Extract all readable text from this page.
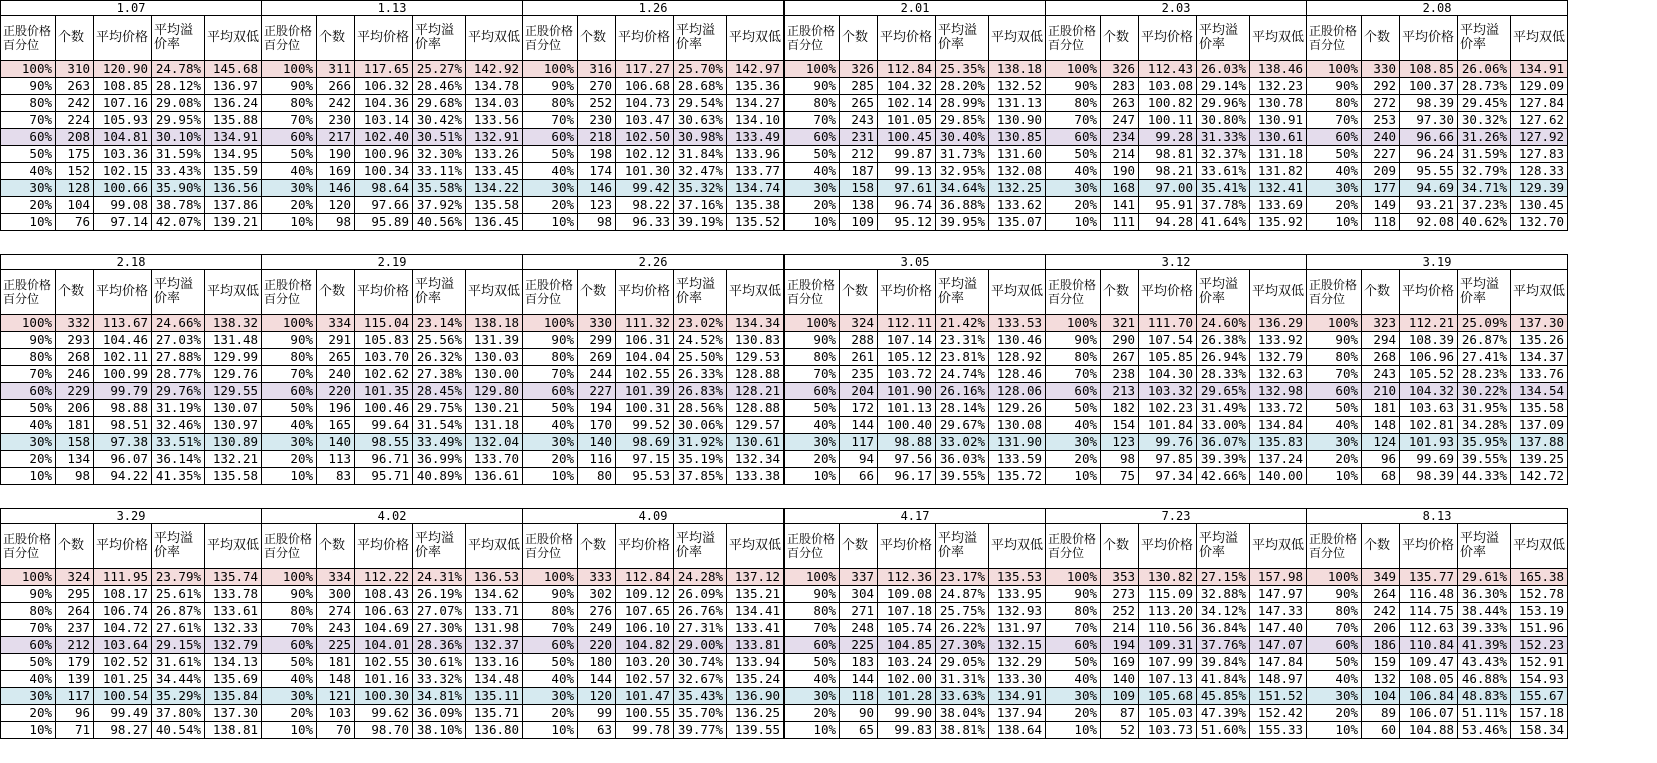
1.07				
正股价格百分位	个数	平均价格	平均溢价率	平均双低
100%	310	120.90	24.78%	145.68
90%	263	108.85	28.12%	136.97
80%	242	107.16	29.08%	136.24
70%	224	105.93	29.95%	135.88
60%	208	104.81	30.10%	134.91
50%	175	103.36	31.59%	134.95
40%	152	102.15	33.43%	135.59
30%	128	100.66	35.90%	136.56
20%	104	99.08	38.78%	137.86
10%	76	97.14	42.07%	139.21
1.13				
正股价格百分位	个数	平均价格	平均溢价率	平均双低
100%	311	117.65	25.27%	142.92
90%	266	106.32	28.46%	134.78
80%	242	104.36	29.68%	134.03
70%	230	103.14	30.42%	133.56
60%	217	102.40	30.51%	132.91
50%	190	100.96	32.30%	133.26
40%	169	100.34	33.11%	133.45
30%	146	98.64	35.58%	134.22
20%	120	97.66	37.92%	135.58
10%	98	95.89	40.56%	136.45
1.26				
正股价格百分位	个数	平均价格	平均溢价率	平均双低
100%	316	117.27	25.70%	142.97
90%	270	106.68	28.68%	135.36
80%	252	104.73	29.54%	134.27
70%	230	103.47	30.63%	134.10
60%	218	102.50	30.98%	133.49
50%	198	102.12	31.84%	133.96
40%	174	101.30	32.47%	133.77
30%	146	99.42	35.32%	134.74
20%	123	98.22	37.16%	135.38
10%	98	96.33	39.19%	135.52
2.01				
正股价格百分位	个数	平均价格	平均溢价率	平均双低
100%	326	112.84	25.35%	138.18
90%	285	104.32	28.20%	132.52
80%	265	102.14	28.99%	131.13
70%	243	101.05	29.85%	130.90
60%	231	100.45	30.40%	130.85
50%	212	99.87	31.73%	131.60
40%	187	99.13	32.95%	132.08
30%	158	97.61	34.64%	132.25
20%	138	96.74	36.88%	133.62
10%	109	95.12	39.95%	135.07
2.03				
正股价格百分位	个数	平均价格	平均溢价率	平均双低
100%	326	112.43	26.03%	138.46
90%	283	103.08	29.14%	132.23
80%	263	100.82	29.96%	130.78
70%	247	100.11	30.80%	130.91
60%	234	99.28	31.33%	130.61
50%	214	98.81	32.37%	131.18
40%	190	98.21	33.61%	131.82
30%	168	97.00	35.41%	132.41
20%	141	95.91	37.78%	133.69
10%	111	94.28	41.64%	135.92
2.08				
正股价格百分位	个数	平均价格	平均溢价率	平均双低
100%	330	108.85	26.06%	134.91
90%	292	100.37	28.73%	129.09
80%	272	98.39	29.45%	127.84
70%	253	97.30	30.32%	127.62
60%	240	96.66	31.26%	127.92
50%	227	96.24	31.59%	127.83
40%	209	95.55	32.79%	128.33
30%	177	94.69	34.71%	129.39
20%	149	93.21	37.23%	130.45
10%	118	92.08	40.62%	132.70
2.18				
正股价格百分位	个数	平均价格	平均溢价率	平均双低
100%	332	113.67	24.66%	138.32
90%	293	104.46	27.03%	131.48
80%	268	102.11	27.88%	129.99
70%	246	100.99	28.77%	129.76
60%	229	99.79	29.76%	129.55
50%	206	98.88	31.19%	130.07
40%	181	98.51	32.46%	130.97
30%	158	97.38	33.51%	130.89
20%	134	96.07	36.14%	132.21
10%	98	94.22	41.35%	135.58
2.19				
正股价格百分位	个数	平均价格	平均溢价率	平均双低
100%	334	115.04	23.14%	138.18
90%	291	105.83	25.56%	131.39
80%	265	103.70	26.32%	130.03
70%	240	102.62	27.38%	130.00
60%	220	101.35	28.45%	129.80
50%	196	100.46	29.75%	130.21
40%	165	99.64	31.54%	131.18
30%	140	98.55	33.49%	132.04
20%	113	96.71	36.99%	133.70
10%	83	95.71	40.89%	136.61
2.26				
正股价格百分位	个数	平均价格	平均溢价率	平均双低
100%	330	111.32	23.02%	134.34
90%	299	106.31	24.52%	130.83
80%	269	104.04	25.50%	129.53
70%	244	102.55	26.33%	128.88
60%	227	101.39	26.83%	128.21
50%	194	100.31	28.56%	128.88
40%	170	99.52	30.06%	129.57
30%	140	98.69	31.92%	130.61
20%	116	97.15	35.19%	132.34
10%	80	95.53	37.85%	133.38
3.05				
正股价格百分位	个数	平均价格	平均溢价率	平均双低
100%	324	112.11	21.42%	133.53
90%	288	107.14	23.31%	130.46
80%	261	105.12	23.81%	128.92
70%	235	103.72	24.74%	128.46
60%	204	101.90	26.16%	128.06
50%	172	101.13	28.14%	129.26
40%	144	100.40	29.67%	130.08
30%	117	98.88	33.02%	131.90
20%	94	97.56	36.03%	133.59
10%	66	96.17	39.55%	135.72
3.12				
正股价格百分位	个数	平均价格	平均溢价率	平均双低
100%	321	111.70	24.60%	136.29
90%	290	107.54	26.38%	133.92
80%	267	105.85	26.94%	132.79
70%	238	104.30	28.33%	132.63
60%	213	103.32	29.65%	132.98
50%	182	102.23	31.49%	133.72
40%	154	101.84	33.00%	134.84
30%	123	99.76	36.07%	135.83
20%	98	97.85	39.39%	137.24
10%	75	97.34	42.66%	140.00
3.19				
正股价格百分位	个数	平均价格	平均溢价率	平均双低
100%	323	112.21	25.09%	137.30
90%	294	108.39	26.87%	135.26
80%	268	106.96	27.41%	134.37
70%	243	105.52	28.23%	133.76
60%	210	104.32	30.22%	134.54
50%	181	103.63	31.95%	135.58
40%	148	102.81	34.28%	137.09
30%	124	101.93	35.95%	137.88
20%	96	99.69	39.55%	139.25
10%	68	98.39	44.33%	142.72
3.29				
正股价格百分位	个数	平均价格	平均溢价率	平均双低
100%	324	111.95	23.79%	135.74
90%	295	108.17	25.61%	133.78
80%	264	106.74	26.87%	133.61
70%	237	104.72	27.61%	132.33
60%	212	103.64	29.15%	132.79
50%	179	102.52	31.61%	134.13
40%	139	101.25	34.44%	135.69
30%	117	100.54	35.29%	135.84
20%	96	99.49	37.80%	137.30
10%	71	98.27	40.54%	138.81
4.02				
正股价格百分位	个数	平均价格	平均溢价率	平均双低
100%	334	112.22	24.31%	136.53
90%	300	108.43	26.19%	134.62
80%	274	106.63	27.07%	133.71
70%	243	104.69	27.30%	131.98
60%	225	104.01	28.36%	132.37
50%	181	102.55	30.61%	133.16
40%	148	101.16	33.32%	134.48
30%	121	100.30	34.81%	135.11
20%	103	99.62	36.09%	135.71
10%	70	98.70	38.10%	136.80
4.09				
正股价格百分位	个数	平均价格	平均溢价率	平均双低
100%	333	112.84	24.28%	137.12
90%	302	109.12	26.09%	135.21
80%	276	107.65	26.76%	134.41
70%	249	106.10	27.31%	133.41
60%	220	104.82	29.00%	133.81
50%	180	103.20	30.74%	133.94
40%	144	102.57	32.67%	135.24
30%	120	101.47	35.43%	136.90
20%	99	100.55	35.70%	136.25
10%	63	99.78	39.77%	139.55
4.17				
正股价格百分位	个数	平均价格	平均溢价率	平均双低
100%	337	112.36	23.17%	135.53
90%	304	109.08	24.87%	133.95
80%	271	107.18	25.75%	132.93
70%	248	105.74	26.22%	131.97
60%	225	104.85	27.30%	132.15
50%	183	103.24	29.05%	132.29
40%	144	102.00	31.31%	133.30
30%	118	101.28	33.63%	134.91
20%	90	99.90	38.04%	137.94
10%	65	99.83	38.81%	138.64
7.23				
正股价格百分位	个数	平均价格	平均溢价率	平均双低
100%	353	130.82	27.15%	157.98
90%	273	115.09	32.88%	147.97
80%	252	113.20	34.12%	147.33
70%	214	110.56	36.84%	147.40
60%	194	109.31	37.76%	147.07
50%	169	107.99	39.84%	147.84
40%	140	107.13	41.84%	148.97
30%	109	105.68	45.85%	151.52
20%	87	105.03	47.39%	152.42
10%	52	103.73	51.60%	155.33
8.13				
正股价格百分位	个数	平均价格	平均溢价率	平均双低
100%	349	135.77	29.61%	165.38
90%	264	116.48	36.30%	152.78
80%	242	114.75	38.44%	153.19
70%	206	112.63	39.33%	151.96
60%	186	110.84	41.39%	152.23
50%	159	109.47	43.43%	152.91
40%	132	108.05	46.88%	154.93
30%	104	106.84	48.83%	155.67
20%	89	106.07	51.11%	157.18
10%	60	104.88	53.46%	158.34
